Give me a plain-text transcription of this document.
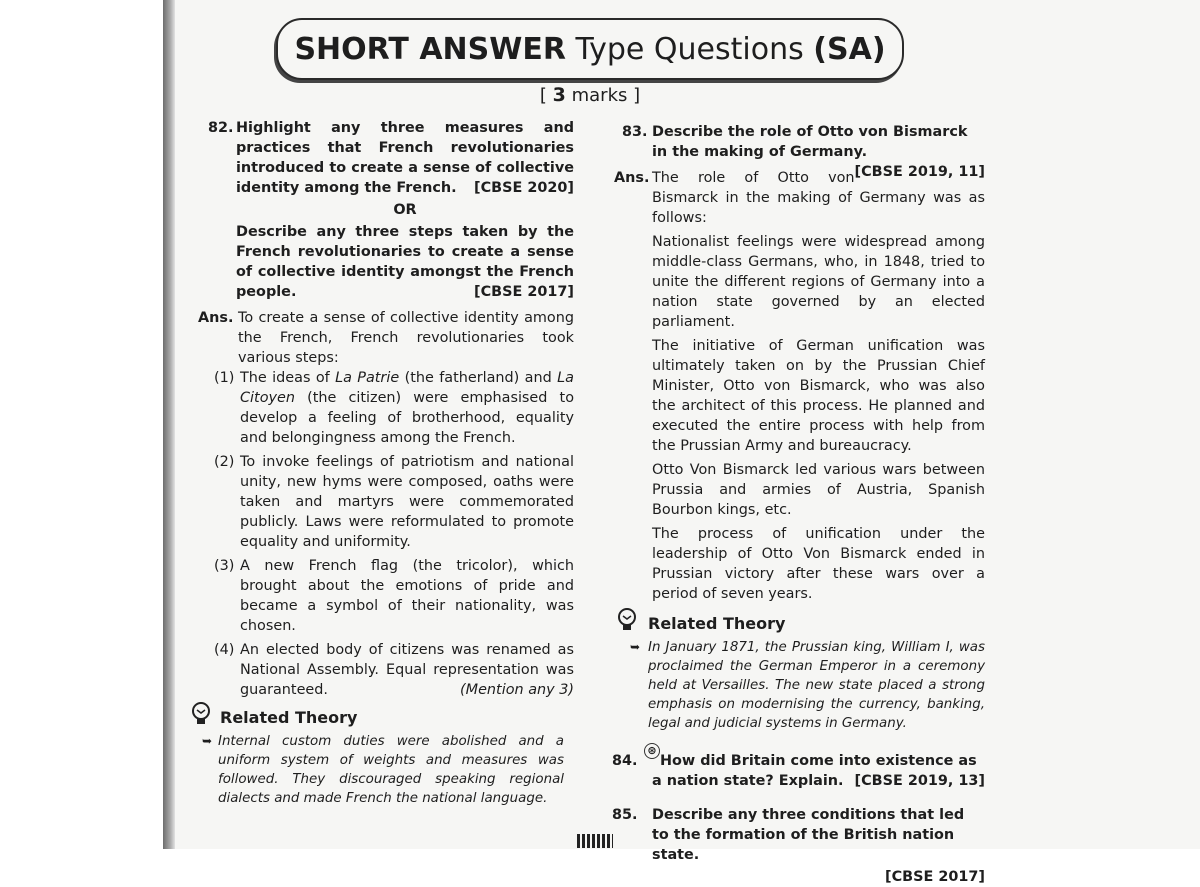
SHORT ANSWER Type Questions (SA)
[ 3 marks ]
82. Highlight any three measures and practices that French revolutionaries introduced to create a sense of collective identity among the French. [CBSE 2020]
OR
Describe any three steps taken by the French revolutionaries to create a sense of collective identity amongst the French people.	[CBSE 2017]
Ans. To create a sense of collective identity among the French, French revolutionaries took various steps:
(1) The ideas of La Patrie (the fatherland) and La Citoyen (the citizen) were emphasised to develop a feeling of brotherhood, equality and belongingness among the French.
(2) To invoke feelings of patriotism and national unity, new hyms were composed, oaths were taken and martyrs were commemorated publicly. Laws were reformulated to promote equality and uniformity.
(3) A new French flag (the tricolor), which brought about the emotions of pride and became a symbol of their nationality, was chosen.
(4) An elected body of citizens was renamed as National Assembly. Equal representation was guaranteed.	(Mention any 3)
Related Theory
➥ Internal custom duties were abolished and a uniform system of weights and measures was followed. They discouraged speaking regional dialects and made French the national language.
83. Describe the role of Otto von Bismarck in the making of Germany.
[CBSE 2019, 11]
Ans. The role of Otto von Bismarck in the making of Germany was as follows:
Nationalist feelings were widespread among middle-class Germans, who, in 1848, tried to unite the different regions of Germany into a nation state governed by an elected parliament.
The initiative of German unification was ultimately taken on by the Prussian Chief Minister, Otto von Bismarck, who was also the architect of this process. He planned and executed the entire process with help from the Prussian Army and bureaucracy.
Otto Von Bismarck led various wars between Prussia and armies of Austria, Spanish Bourbon kings, etc.
The process of unification under the leadership of Otto Von Bismarck ended in Prussian victory after these wars over a period of seven years.
Related Theory
➥ In January 1871, the Prussian king, William I, was proclaimed the German Emperor in a ceremony held at Versailles. The new state placed a strong emphasis on modernising the currency, banking, legal and judicial systems in Germany.
84.
⊛
How did Britain come into existence as a nation state? Explain. [CBSE 2019, 13]
85. Describe any three conditions that led to the formation of the British nation state.
[CBSE 2017]
